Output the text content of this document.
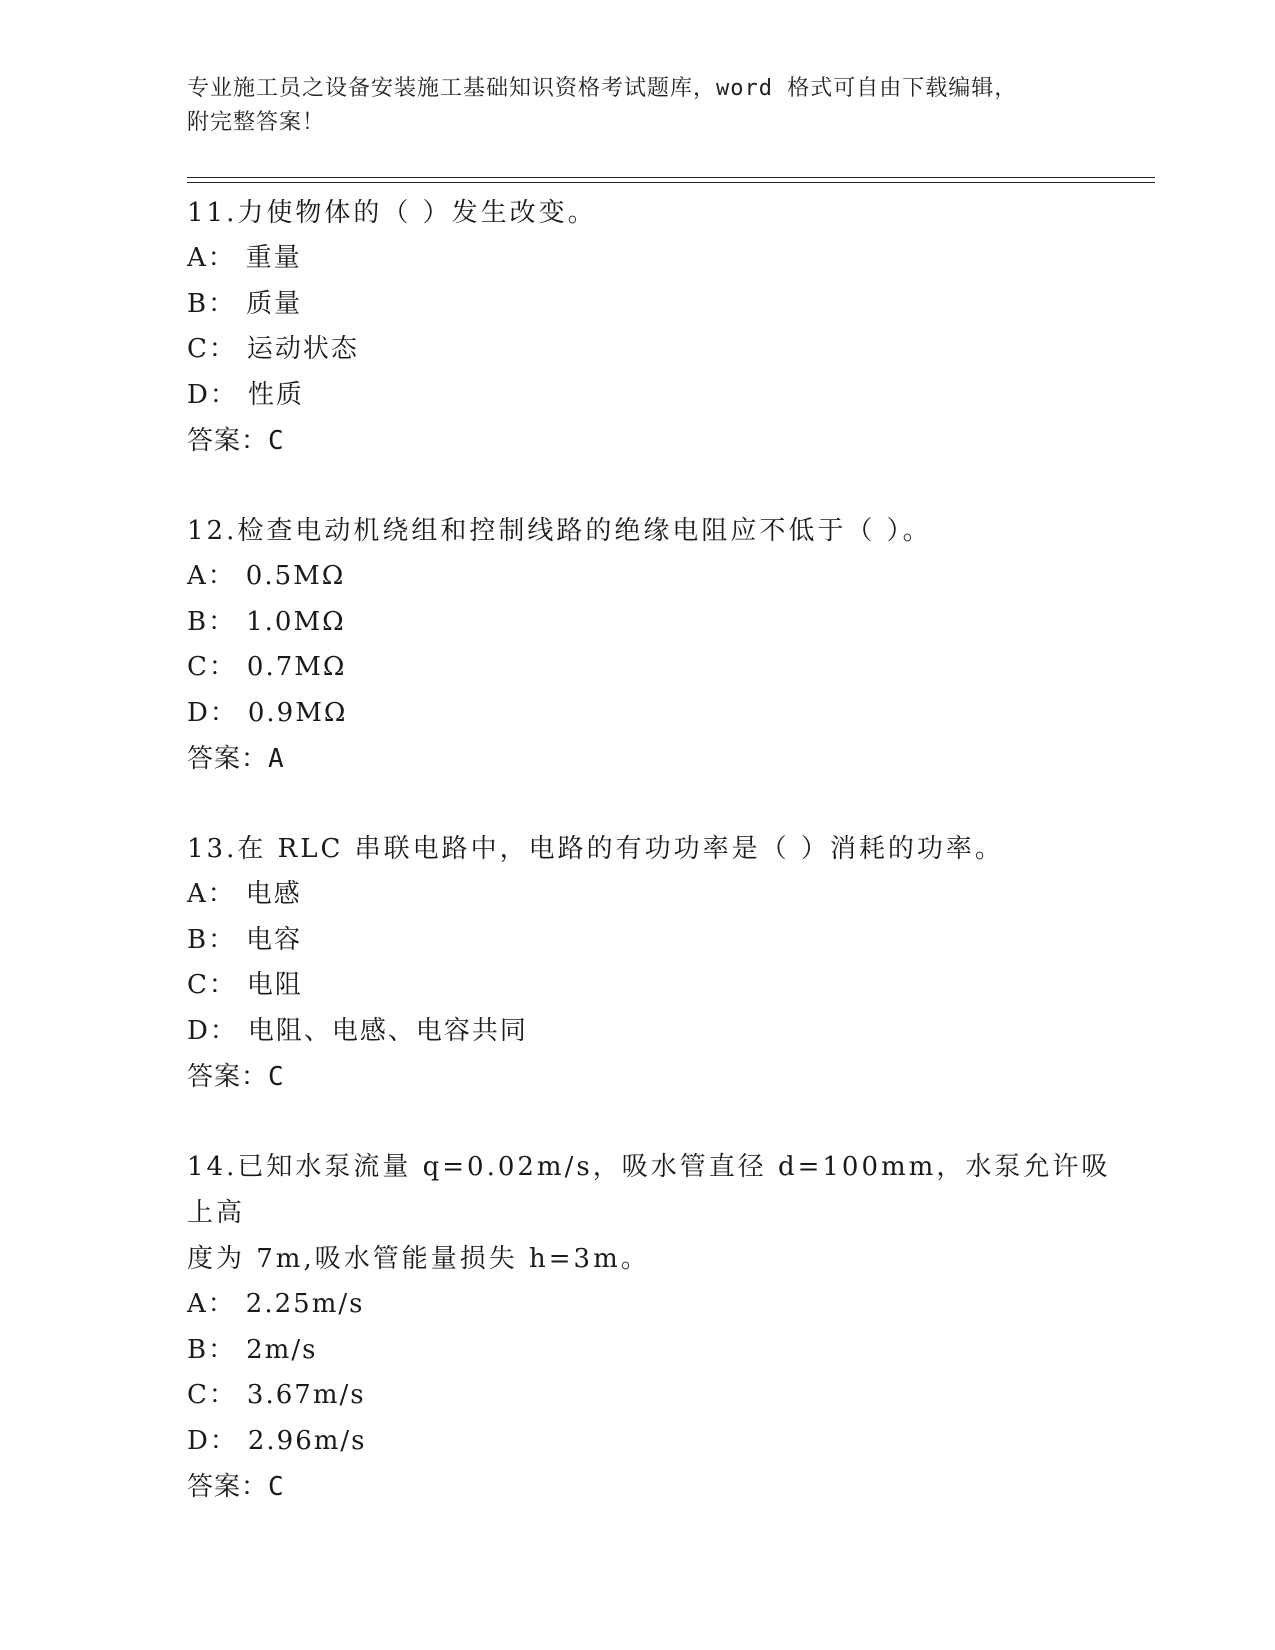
专业施工员之设备安装施工基础知识资格考试题库，word 格式可自由下载编辑，
附完整答案！

11.力使物体的（ ）发生改变。

A： 重量

B： 质量

C： 运动状态

D： 性质

答案：C

12.检查电动机绕组和控制线路的绝缘电阻应不低于（ ）。

A： 0.5MΩ

B： 1.0MΩ

C： 0.7MΩ

D： 0.9MΩ

答案：A

13.在 RLC 串联电路中，电路的有功功率是（ ）消耗的功率。

A： 电感

B： 电容

C： 电阻

D： 电阻、电感、电容共同

答案：C

14.已知水泵流量 q=0.02m/s，吸水管直径 d=100mm，水泵允许吸上高

度为 7m,吸水管能量损失 h=3m。

A： 2.25m/s

B： 2m/s

C： 3.67m/s

D： 2.96m/s

答案：C
